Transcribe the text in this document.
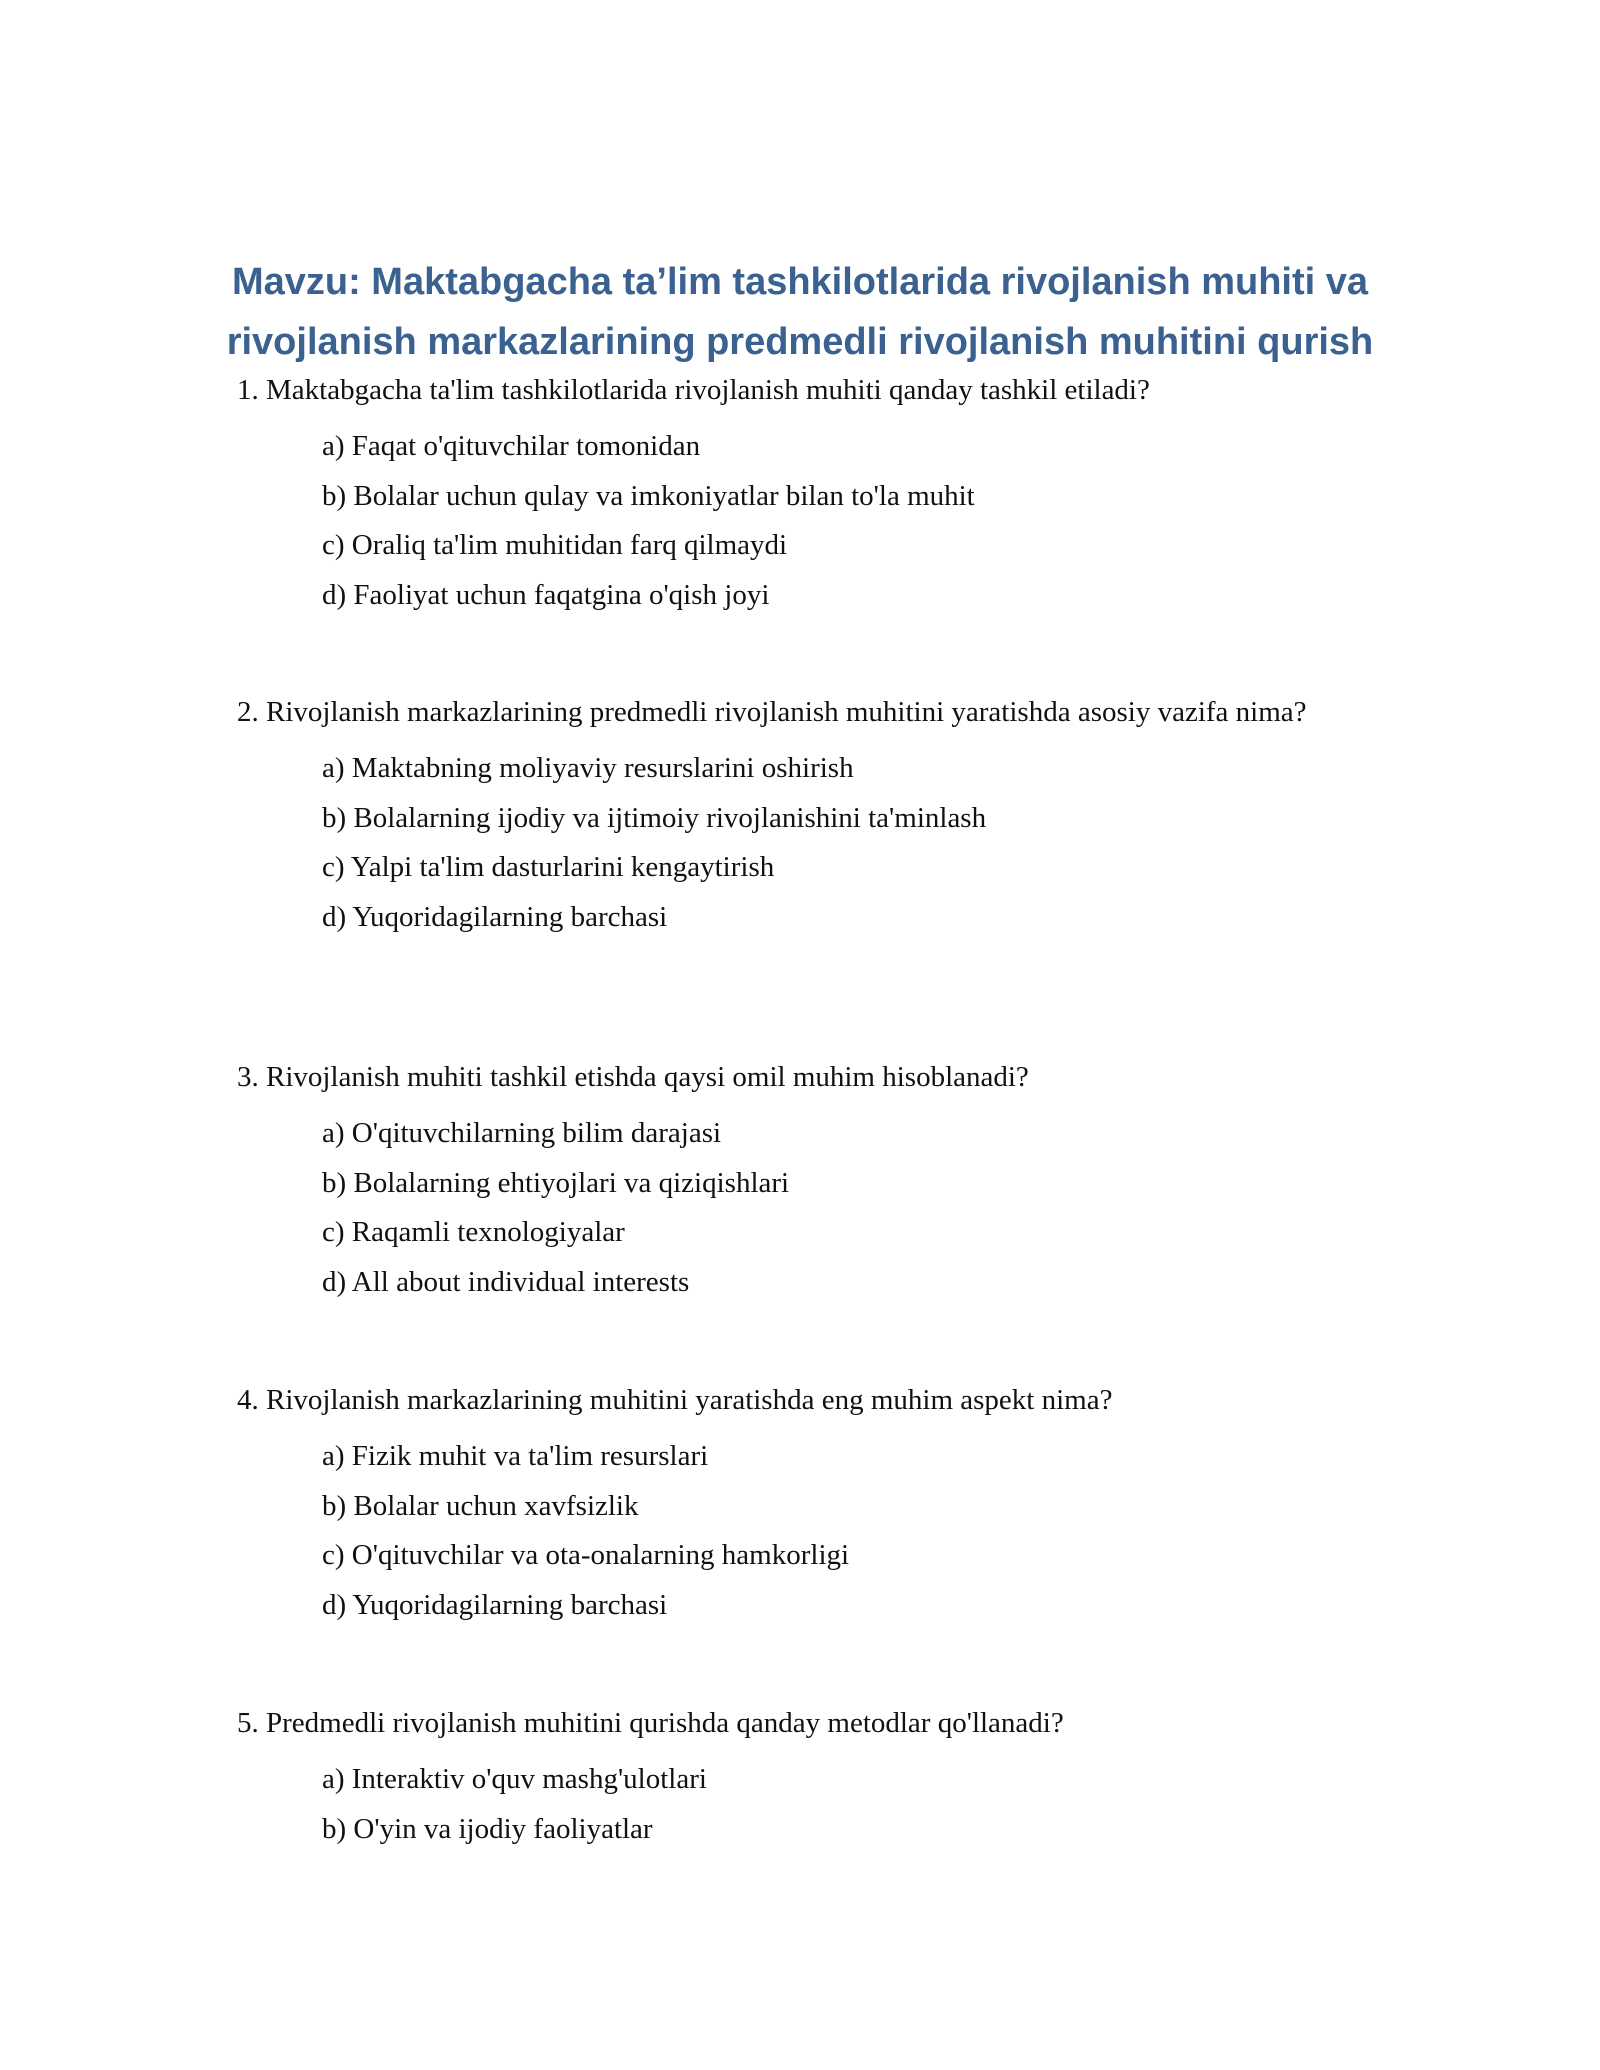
Mavzu: Maktabgacha ta’lim tashkilotlarida rivojlanish muhiti va
rivojlanish markazlarining predmedli rivojlanish muhitini qurish

1. Maktabgacha ta'lim tashkilotlarida rivojlanish muhiti qanday tashkil etiladi?

a) Faqat o'qituvchilar tomonidan
b) Bolalar uchun qulay va imkoniyatlar bilan to'la muhit
c) Oraliq ta'lim muhitidan farq qilmaydi
d) Faoliyat uchun faqatgina o'qish joyi

2. Rivojlanish markazlarining predmedli rivojlanish muhitini yaratishda asosiy vazifa nima?

a) Maktabning moliyaviy resurslarini oshirish
b) Bolalarning ijodiy va ijtimoiy rivojlanishini ta'minlash
c) Yalpi ta'lim dasturlarini kengaytirish
d) Yuqoridagilarning barchasi

3. Rivojlanish muhiti tashkil etishda qaysi omil muhim hisoblanadi?

a) O'qituvchilarning bilim darajasi
b) Bolalarning ehtiyojlari va qiziqishlari
c) Raqamli texnologiyalar
d) All about individual interests

4. Rivojlanish markazlarining muhitini yaratishda eng muhim aspekt nima?

a) Fizik muhit va ta'lim resurslari
b) Bolalar uchun xavfsizlik
c) O'qituvchilar va ota-onalarning hamkorligi
d) Yuqoridagilarning barchasi

5. Predmedli rivojlanish muhitini qurishda qanday metodlar qo'llanadi?

a) Interaktiv o'quv mashg'ulotlari
b) O'yin va ijodiy faoliyatlar
